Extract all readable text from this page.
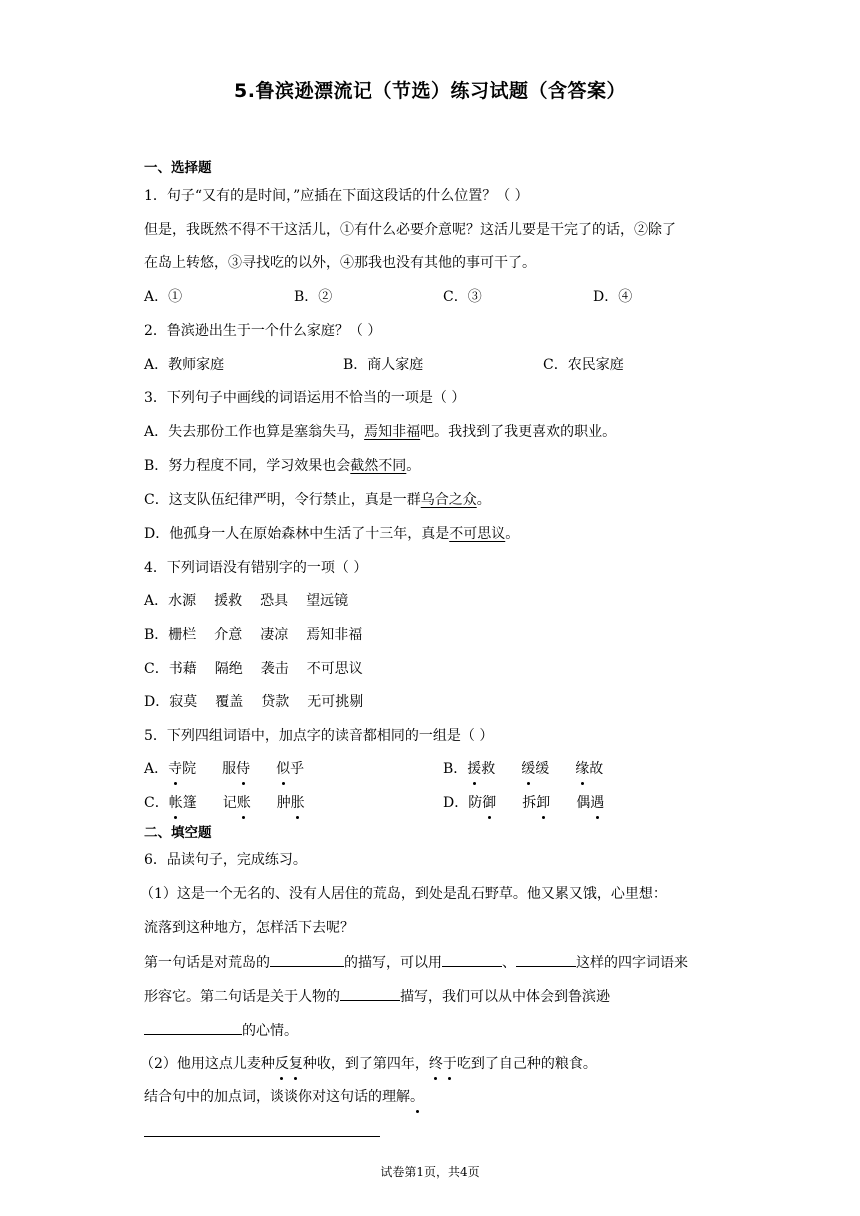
5.鲁滨逊漂流记（节选）练习试题（含答案）
一、选择题
1．句子“又有的是时间，”应插在下面这段话的什么位置？（ ）
但是，我既然不得不干这活儿，①有什么必要介意呢？这活儿要是干完了的话，②除了
在岛上转悠，③寻找吃的以外，④那我也没有其他的事可干了。
A．①	B．②	C．③	D．④
2．鲁滨逊出生于一个什么家庭？（ ）
A．教师家庭	B．商人家庭	C．农民家庭
3．下列句子中画线的词语运用不恰当的一项是（ ）
A．失去那份工作也算是塞翁失马，焉知非福吧。我找到了我更喜欢的职业。
B．努力程度不同，学习效果也会截然不同。
C．这支队伍纪律严明，令行禁止，真是一群乌合之众。
D．他孤身一人在原始森林中生活了十三年，真是不可思议。
4．下列词语没有错别字的一项（ ）
A．水源 援救 恐具 望远镜
B．栅栏 介意 凄凉 焉知非福
C．书藉 隔绝 袭击 不可思议
D．寂莫 覆盖 贷款 无可挑剔
5．下列四组词语中，加点字的读音都相同的一组是（ ）
A．寺院 服侍 似乎	B．援救 缓缓 缘故
C．帐篷 记账 肿胀	D．防御 拆卸 偶遇
二、填空题
6．品读句子，完成练习。
（1）这是一个无名的、没有人居住的荒岛，到处是乱石野草。他又累又饿，心里想：
流落到这种地方，怎样活下去呢？
第一句话是对荒岛的	的描写，可以用	、	这样的四字词语来
形容它。第二句话是关于人物的	描写，我们可以从中体会到鲁滨逊
的心情。
（2）他用这点儿麦种反复种收，到了第四年，终于吃到了自己种的粮食。
结合句中的加点词，谈谈你对这句话的理解。
试卷第1页，共4页
